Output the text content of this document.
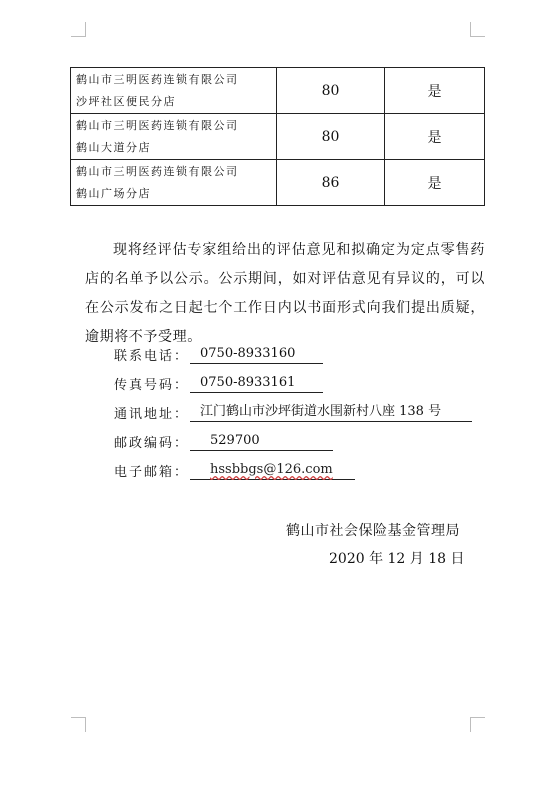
鹤山市三明医药连锁有限公司
沙坪社区便民分店	80	是

鹤山市三明医药连锁有限公司
鹤山大道分店	80	是

鹤山市三明医药连锁有限公司
鹤山广场分店	86	是

现将经评估专家组给出的评估意见和拟确定为定点零售药店的名单予以公示。公示期间，如对评估意见有异议的，可以在公示发布之日起七个工作日内以书面形式向我们提出质疑，逾期将不予受理。

联系电话： 0750-8933160
传真号码： 0750-8933161
通讯地址： 江门鹤山市沙坪街道水围新村八座 138 号
邮政编码： 529700
电子邮箱： hssbbgs@126.com
鹤山市社会保险基金管理局
2020 年 12 月 18 日
